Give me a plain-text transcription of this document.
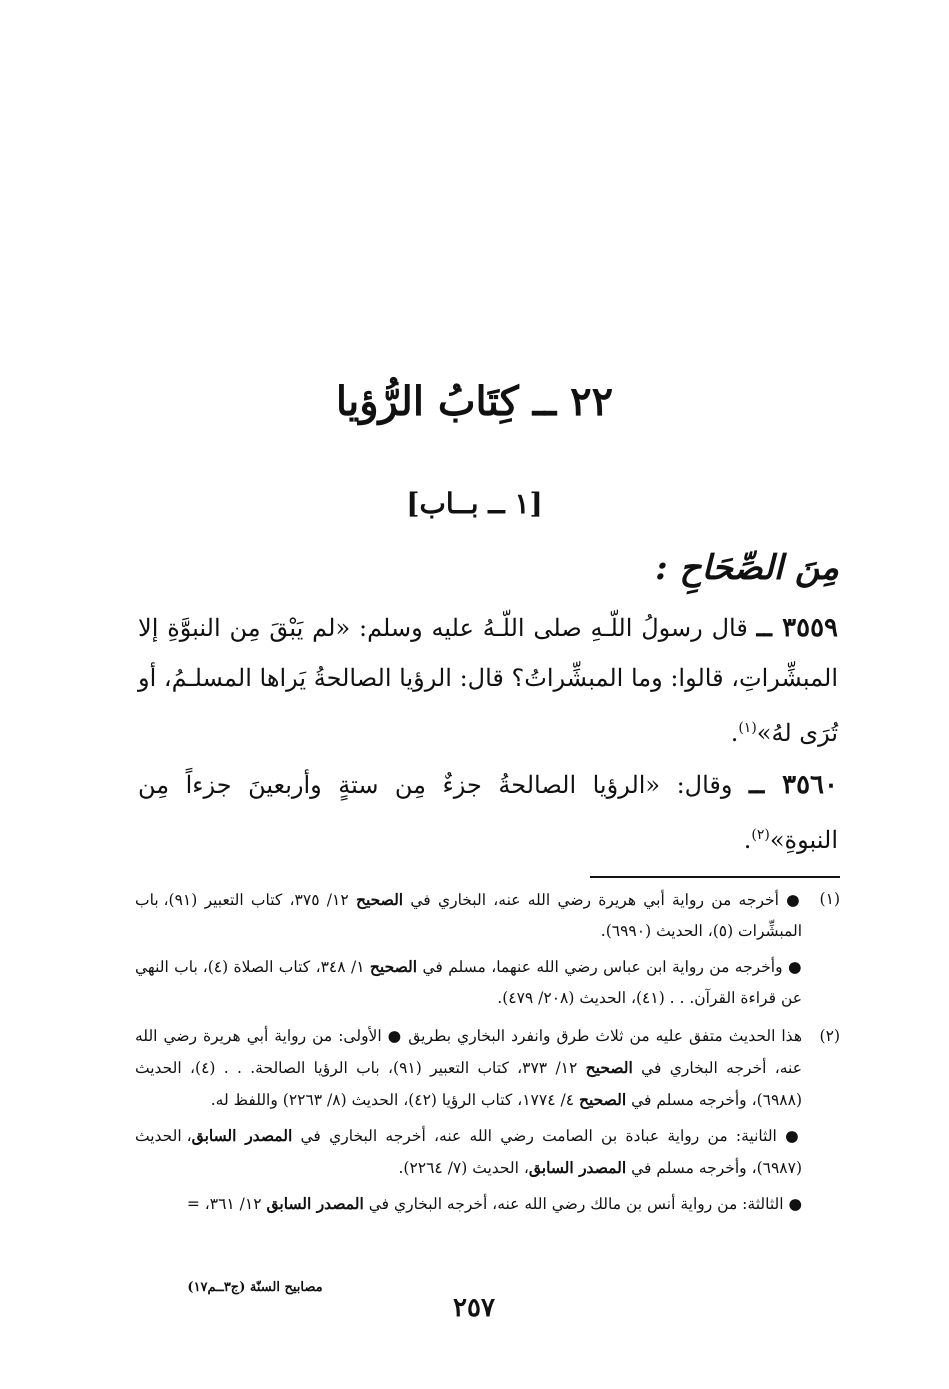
٢٢ ــ كِتَابُ الرُّؤيا
[١ ــ بــاب]
مِنَ الصِّحَاحِ :
٣٥٥٩ ــ قال رسولُ اللّـهِ صلى اللّـهُ عليه وسلم: «لم يَبْقَ مِن النبوَّةِ إلا المبشِّراتِ، قالوا: وما المبشِّراتُ؟ قال: الرؤيا الصالحةُ يَراها المسلـمُ، أو تُرَى لهُ»$^{(١)}$.
٣٥٦٠ ــ وقال: «الرؤيا الصالحةُ جزءٌ مِن ستةٍ وأربعينَ جزءاً مِن النبوةِ»$^{(٢)}$.
(١)

● أخرجه من رواية أبي هريرة رضي الله عنه، البخاري في الصحيح ١٢/ ٣٧٥، كتاب التعبير (٩١)، باب المبشِّرات (٥)، الحديث (٦٩٩٠).

● وأخرجه من رواية ابن عباس رضي الله عنهما، مسلم في الصحيح ١/ ٣٤٨، كتاب الصلاة (٤)، باب النهي عن قراءة القرآن. . . (٤١)، الحديث (٢٠٨/ ٤٧٩).

(٢)

هذا الحديث متفق عليه من ثلاث طرق وانفرد البخاري بطريق ● الأولى: من رواية أبي هريرة رضي الله عنه، أخرجه البخاري في الصحيح ١٢/ ٣٧٣، كتاب التعبير (٩١)، باب الرؤيا الصالحة. . . (٤)، الحديث (٦٩٨٨)، وأخرجه مسلم في الصحيح ٤/ ١٧٧٤، كتاب الرؤيا (٤٢)، الحديث (٨/ ٢٢٦٣) واللفظ له.

● الثانية: من رواية عبادة بن الصامت رضي الله عنه، أخرجه البخاري في المصدر السابق، الحديث (٦٩٨٧)، وأخرجه مسلم في المصدر السابق، الحديث (٧/ ٢٢٦٤).

● الثالثة: من رواية أنس بن مالك رضي الله عنه، أخرجه البخاري في المصدر السابق ١٢/ ٣٦١، =

مصابيح السنّة (ج٣ــم١٧)
٢٥٧
